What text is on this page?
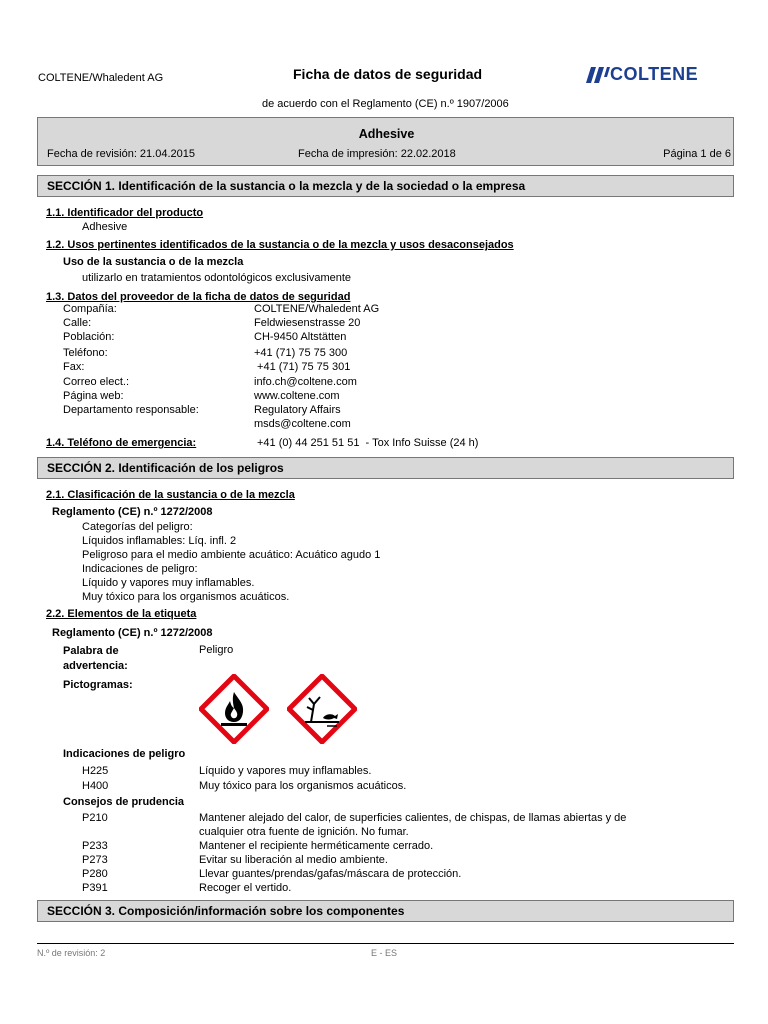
COLTENE/Whaledent AG	Ficha de datos de seguridad	COLTENE
de acuerdo con el Reglamento (CE) n.º 1907/2006
Adhesive
Fecha de revisión: 21.04.2015	Fecha de impresión: 22.02.2018	Página 1 de 6
SECCIÓN 1. Identificación de la sustancia o la mezcla y de la sociedad o la empresa
1.1. Identificador del producto
Adhesive
1.2. Usos pertinentes identificados de la sustancia o de la mezcla y usos desaconsejados
Uso de la sustancia o de la mezcla
utilizarlo en tratamientos odontológicos exclusivamente
1.3. Datos del proveedor de la ficha de datos de seguridad
Compañía:	COLTENE/Whaledent AG
Calle:	Feldwiesenstrasse 20
Población:	CH-9450 Altstätten
Teléfono:	+41 (71) 75 75 300
Fax:	+41 (71) 75 75 301
Correo elect.:	info.ch@coltene.com
Página web:	www.coltene.com
Departamento responsable:	Regulatory Affairs
msds@coltene.com
1.4. Teléfono de emergencia:	+41 (0) 44 251 51 51  - Tox Info Suisse (24 h)
SECCIÓN 2. Identificación de los peligros
2.1. Clasificación de la sustancia o de la mezcla
Reglamento (CE) n.º 1272/2008
Categorías del peligro:
Líquidos inflamables: Líq. infl. 2
Peligroso para el medio ambiente acuático: Acuático agudo 1
Indicaciones de peligro:
Líquido y vapores muy inflamables.
Muy tóxico para los organismos acuáticos.
2.2. Elementos de la etiqueta
Reglamento (CE) n.º 1272/2008
Palabra de
advertencia:
Peligro
Pictogramas:
Indicaciones de peligro
H225	Líquido y vapores muy inflamables.
H400	Muy tóxico para los organismos acuáticos.
Consejos de prudencia
P210	Mantener alejado del calor, de superficies calientes, de chispas, de llamas abiertas y de
cualquier otra fuente de ignición. No fumar.
P233	Mantener el recipiente herméticamente cerrado.
P273	Evitar su liberación al medio ambiente.
P280	Llevar guantes/prendas/gafas/máscara de protección.
P391	Recoger el vertido.
SECCIÓN 3. Composición/información sobre los componentes
N.º de revisión: 2	E - ES
